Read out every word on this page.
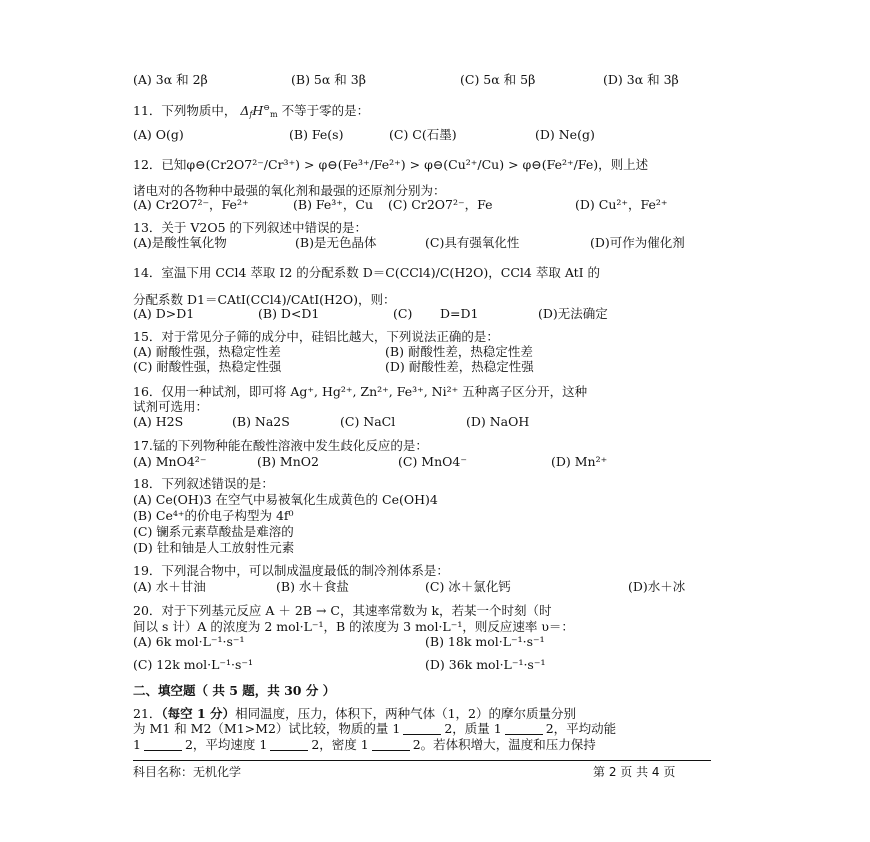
(A) 3α 和 2β	(B) 5α 和 3β	(C) 5α 和 5β	(D) 3α 和 3β
11．下列物质中， $\Delta_fH^⊖_m$ 不等于零的是：
(A) O(g)	(B) Fe(s)	(C) C(石墨)	(D) Ne(g)
12．已知φ⊖(Cr2O7²⁻/Cr³⁺) > φ⊖(Fe³⁺/Fe²⁺) > φ⊖(Cu²⁺/Cu) > φ⊖(Fe²⁺/Fe)，则上述
诸电对的各物种中最强的氧化剂和最强的还原剂分别为：
(A) Cr2O7²⁻，Fe²⁺	(B) Fe³⁺，Cu (C) Cr2O7²⁻，Fe	(D) Cu²⁺，Fe²⁺
13．关于 V2O5 的下列叙述中错误的是：
(A)是酸性氧化物	(B)是无色晶体	(C)具有强氧化性	(D)可作为催化剂
14．室温下用 CCl4 萃取 I2 的分配系数 D＝C(CCl4)/C(H2O)，CCl4 萃取 AtI 的
分配系数 D1＝CAtI(CCl4)/CAtI(H2O)，则：
(A) D>D1	(B) D<D1	(C) D=D1	(D)无法确定
15．对于常见分子筛的成分中，硅铝比越大，下列说法正确的是：
(A) 耐酸性强，热稳定性差	(B) 耐酸性差，热稳定性差
(C) 耐酸性强，热稳定性强	(D) 耐酸性差，热稳定性强
16．仅用一种试剂，即可将 Ag⁺, Hg²⁺, Zn²⁺, Fe³⁺, Ni²⁺ 五种离子区分开，这种
试剂可选用：
(A) H2S	(B) Na2S	(C) NaCl	(D) NaOH
17.锰的下列物种能在酸性溶液中发生歧化反应的是：
(A) MnO4²⁻	(B) MnO2	(C) MnO4⁻	(D) Mn²⁺
18．下列叙述错误的是：
(A) Ce(OH)3 在空气中易被氧化生成黄色的 Ce(OH)4
(B) Ce⁴⁺的价电子构型为 4f⁰
(C) 镧系元素草酸盐是难溶的
(D) 钍和铀是人工放射性元素
19．下列混合物中，可以制成温度最低的制冷剂体系是：
(A) 水＋甘油	(B) 水＋食盐	(C) 冰＋氯化钙	(D)水＋冰
20．对于下列基元反应 A ＋ 2B → C，其速率常数为 k，若某一个时刻（时
间以 s 计）A 的浓度为 2 mol·L⁻¹，B 的浓度为 3 mol·L⁻¹，则反应速率 υ＝：
(A) 6k mol·L⁻¹·s⁻¹	(B) 18k mol·L⁻¹·s⁻¹
(C) 12k mol·L⁻¹·s⁻¹	(D) 36k mol·L⁻¹·s⁻¹
二、填空题（ 共 5 题，共 30 分 ）
21．（每空 1 分）相同温度，压力，体积下，两种气体（1，2）的摩尔质量分别
为 M1 和 M2（M1>M2）试比较，物质的量 1	2，质量 1	2，平均动能
1	2，平均速度 1	2，密度 1	2。若体积增大，温度和压力保持
科目名称：无机化学	第 2 页 共 4 页
